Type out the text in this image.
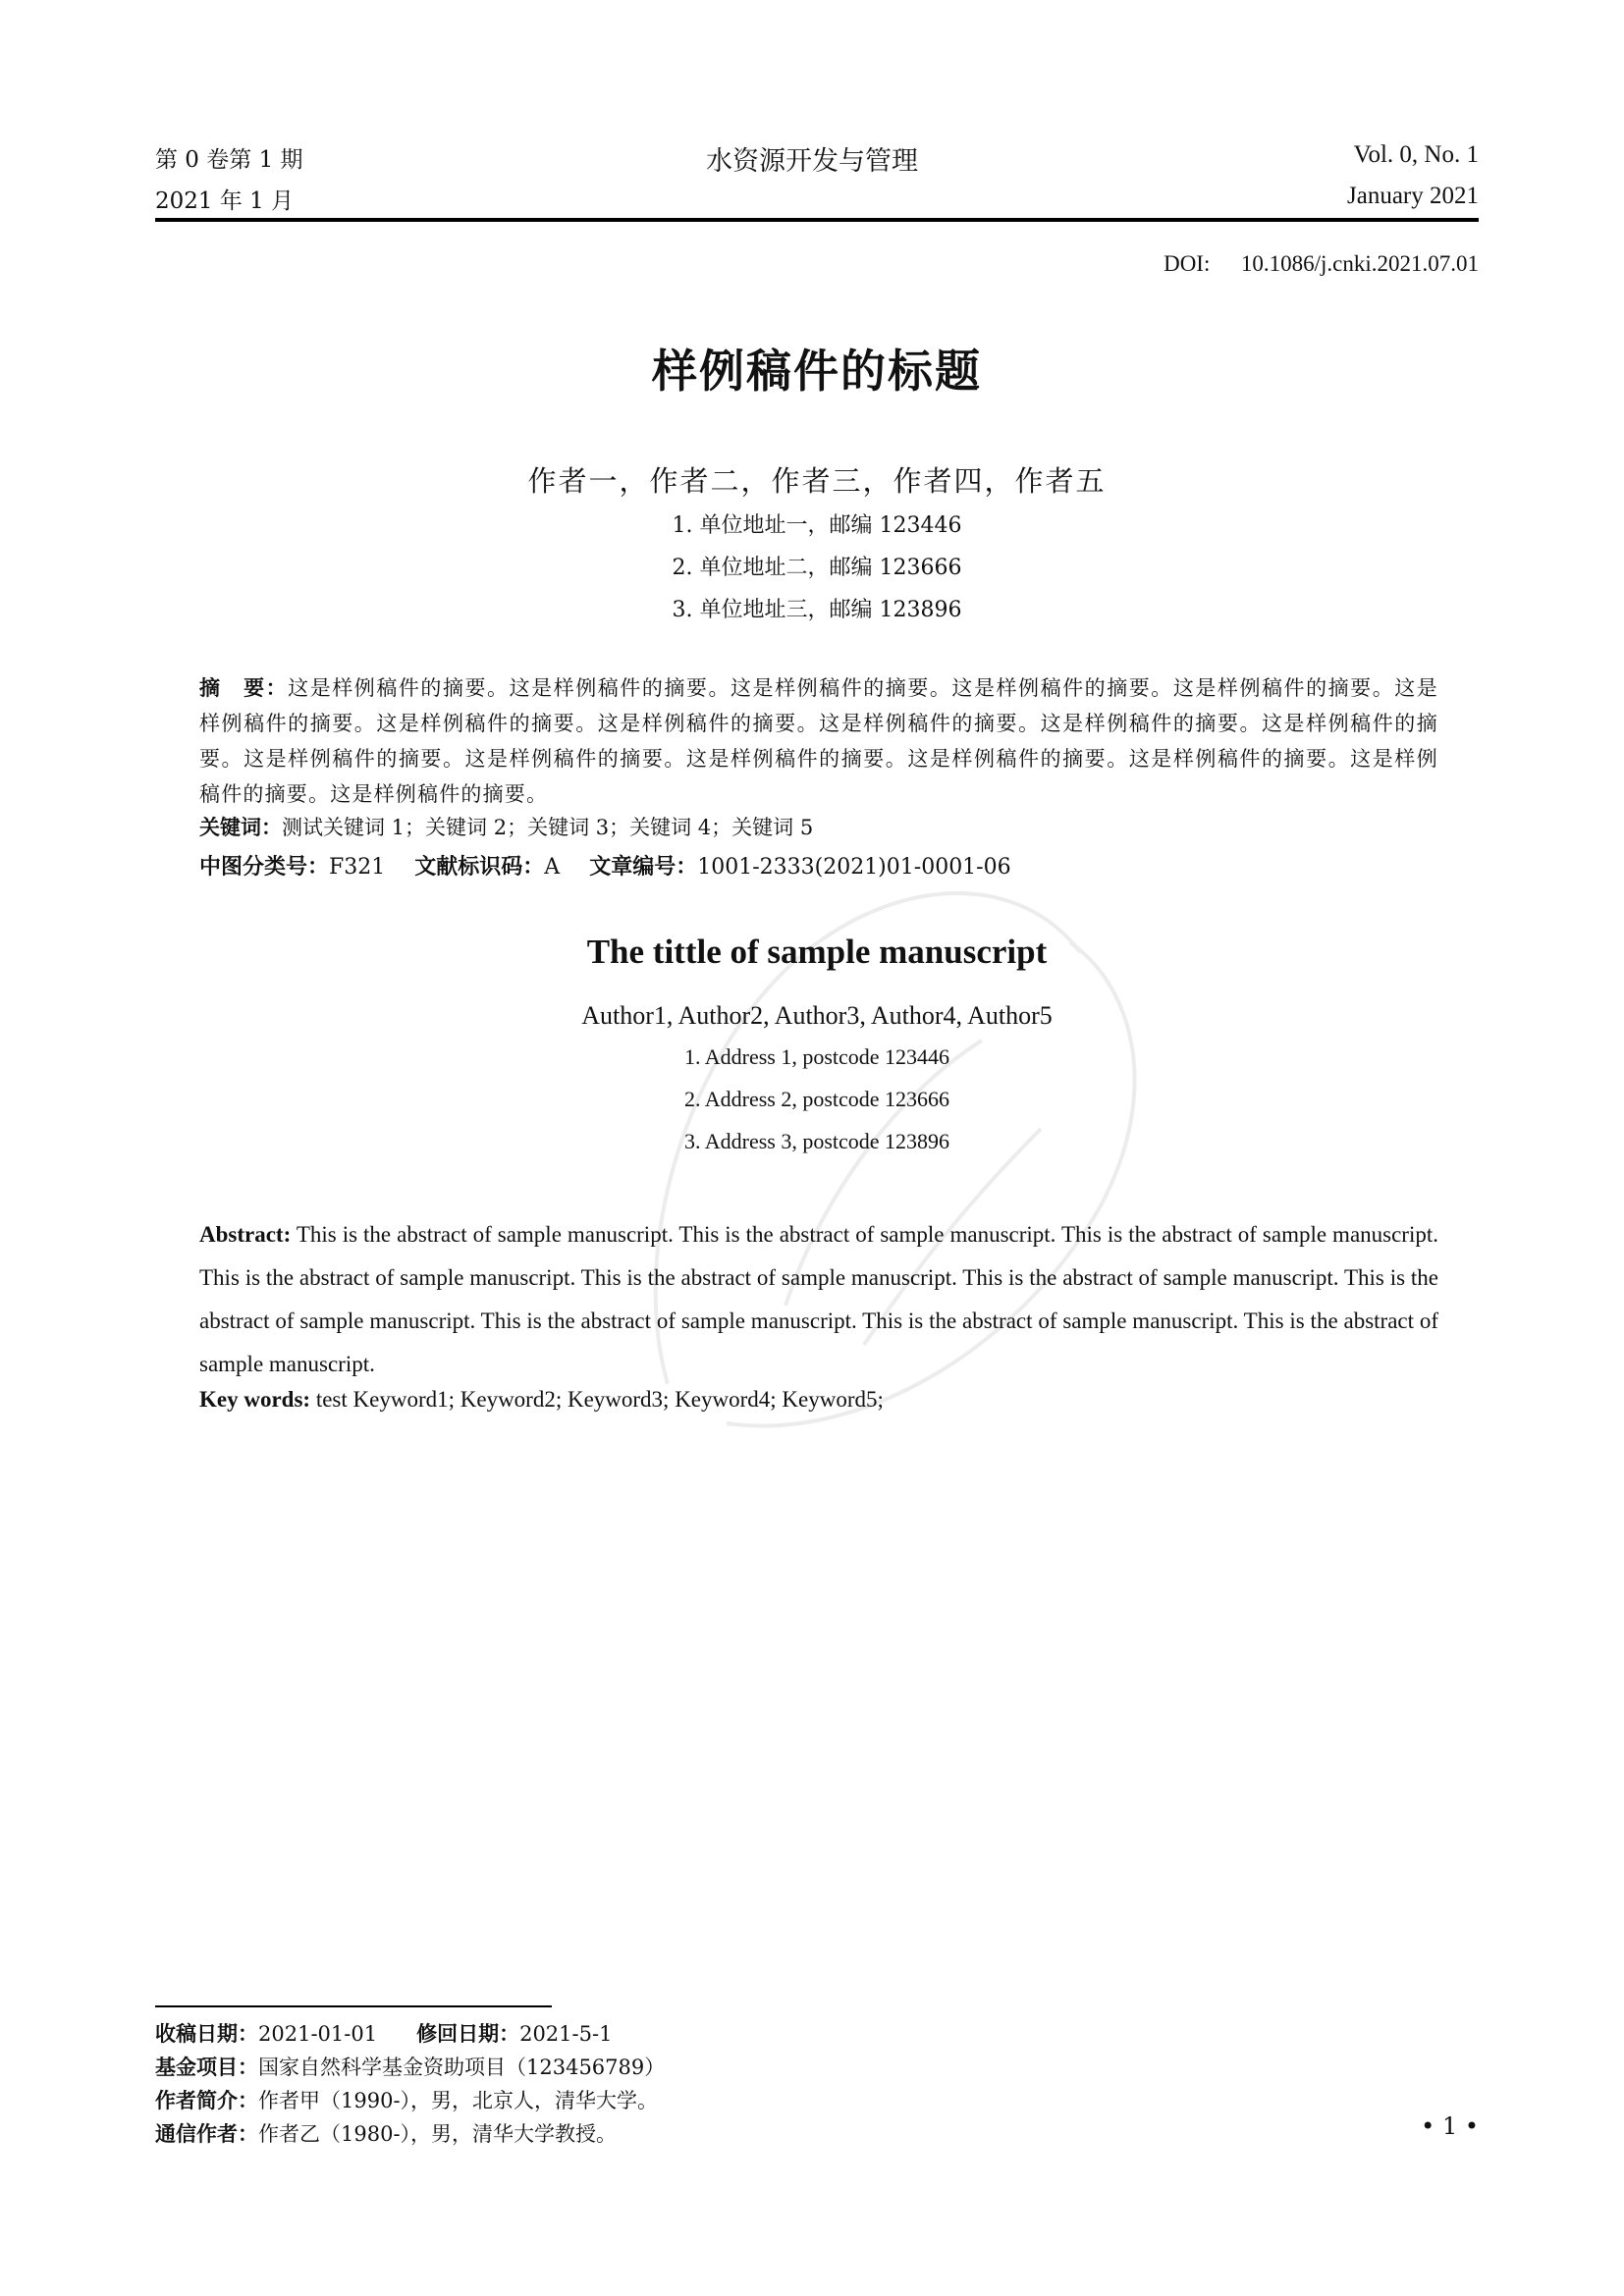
第 0 卷第 1 期
2021 年 1 月
水资源开发与管理	Vol. 0, No. 1
January 2021
DOI: 10.1086/j.cnki.2021.07.01
样例稿件的标题
作者一，作者二，作者三，作者四，作者五
1. 单位地址一，邮编 123446
2. 单位地址二，邮编 123666
3. 单位地址三，邮编 123896
摘　要：这是样例稿件的摘要。这是样例稿件的摘要。这是样例稿件的摘要。这是样例稿件的摘要。这是样例稿件的摘要。这是样例稿件的摘要。这是样例稿件的摘要。这是样例稿件的摘要。这是样例稿件的摘要。这是样例稿件的摘要。这是样例稿件的摘要。这是样例稿件的摘要。这是样例稿件的摘要。这是样例稿件的摘要。这是样例稿件的摘要。这是样例稿件的摘要。这是样例稿件的摘要。这是样例稿件的摘要。
关键词：测试关键词 1；关键词 2；关键词 3；关键词 4；关键词 5
中图分类号：F321 文献标识码：A 文章编号：1001-2333(2021)01-0001-06
The tittle of sample manuscript
Author1, Author2, Author3, Author4, Author5
1. Address 1, postcode 123446
2. Address 2, postcode 123666
3. Address 3, postcode 123896
Abstract: This is the abstract of sample manuscript. This is the abstract of sample manuscript. This is the abstract of sample manuscript. This is the abstract of sample manuscript. This is the abstract of sample manuscript. This is the abstract of sample manuscript. This is the abstract of sample manuscript. This is the abstract of sample manuscript. This is the abstract of sample manuscript. This is the abstract of sample manuscript.
Key words: test Keyword1; Keyword2; Keyword3; Keyword4; Keyword5;
收稿日期：2021-01-01 修回日期：2021-5-1
基金项目：国家自然科学基金资助项目（123456789）
作者简介：作者甲（1990-），男，北京人，清华大学。
通信作者：作者乙（1980-），男，清华大学教授。	• 1 •
